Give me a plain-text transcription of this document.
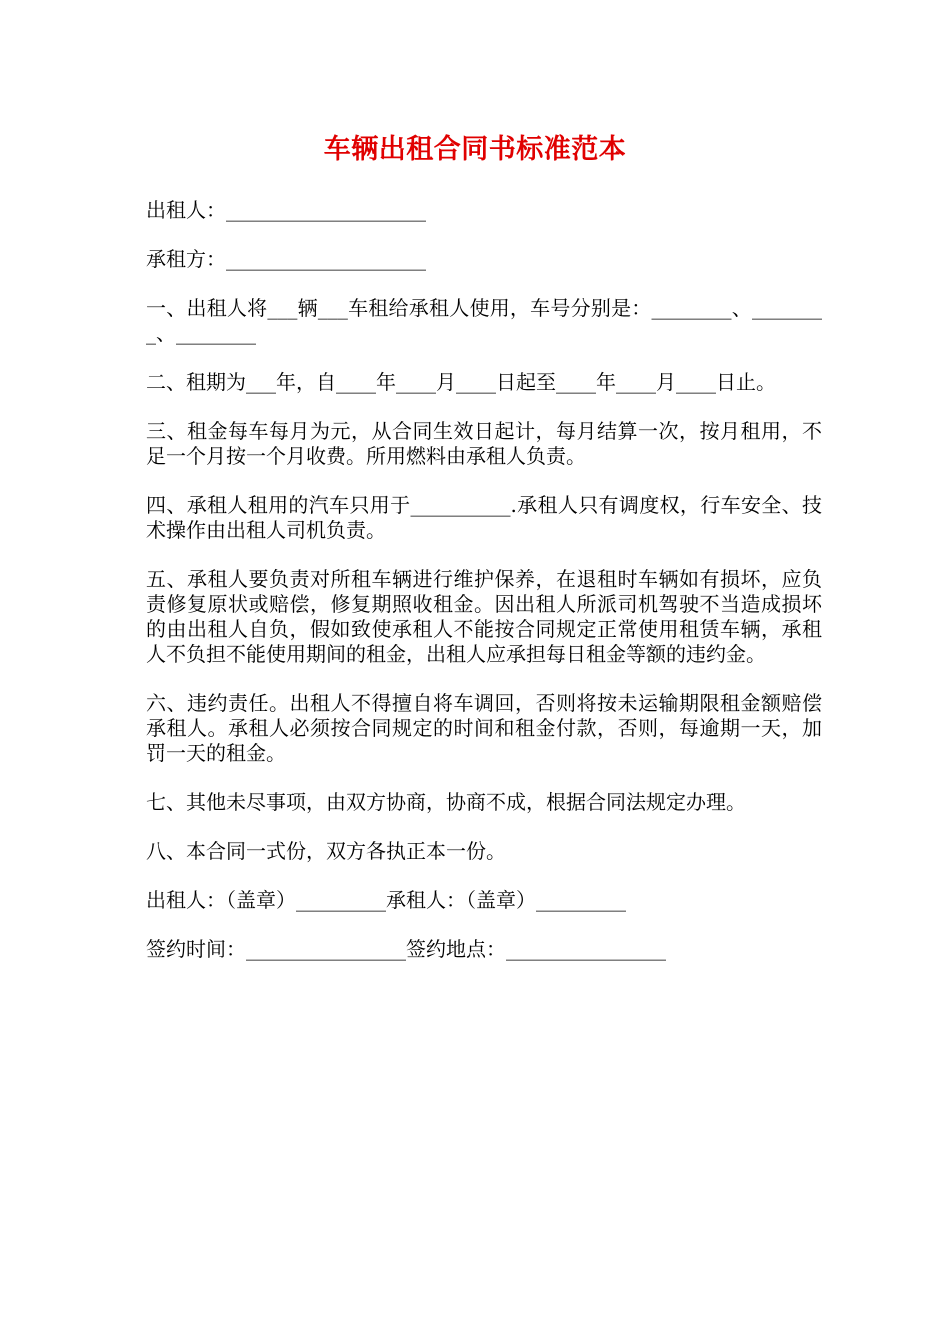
车辆出租合同书标准范本

出租人：____________________

承租方：____________________

一、出租人将___辆___车租给承租人使用，车号分别是：________、________、________

二、租期为___年，自____年____月____日起至____年____月____日止。

三、租金每车每月为元，从合同生效日起计，每月结算一次，按月租用，不足一个月按一个月收费。所用燃料由承租人负责。

四、承租人租用的汽车只用于__________.承租人只有调度权，行车安全、技术操作由出租人司机负责。

五、承租人要负责对所租车辆进行维护保养，在退租时车辆如有损坏，应负责修复原状或赔偿，修复期照收租金。因出租人所派司机驾驶不当造成损坏的由出租人自负，假如致使承租人不能按合同规定正常使用租赁车辆，承租人不负担不能使用期间的租金，出租人应承担每日租金等额的违约金。

六、违约责任。出租人不得擅自将车调回，否则将按未运输期限租金额赔偿承租人。承租人必须按合同规定的时间和租金付款，否则，每逾期一天，加罚一天的租金。

七、其他未尽事项，由双方协商，协商不成，根据合同法规定办理。

八、本合同一式份，双方各执正本一份。

出租人：（盖章）_________承租人：（盖章）_________

签约时间：________________签约地点：________________
